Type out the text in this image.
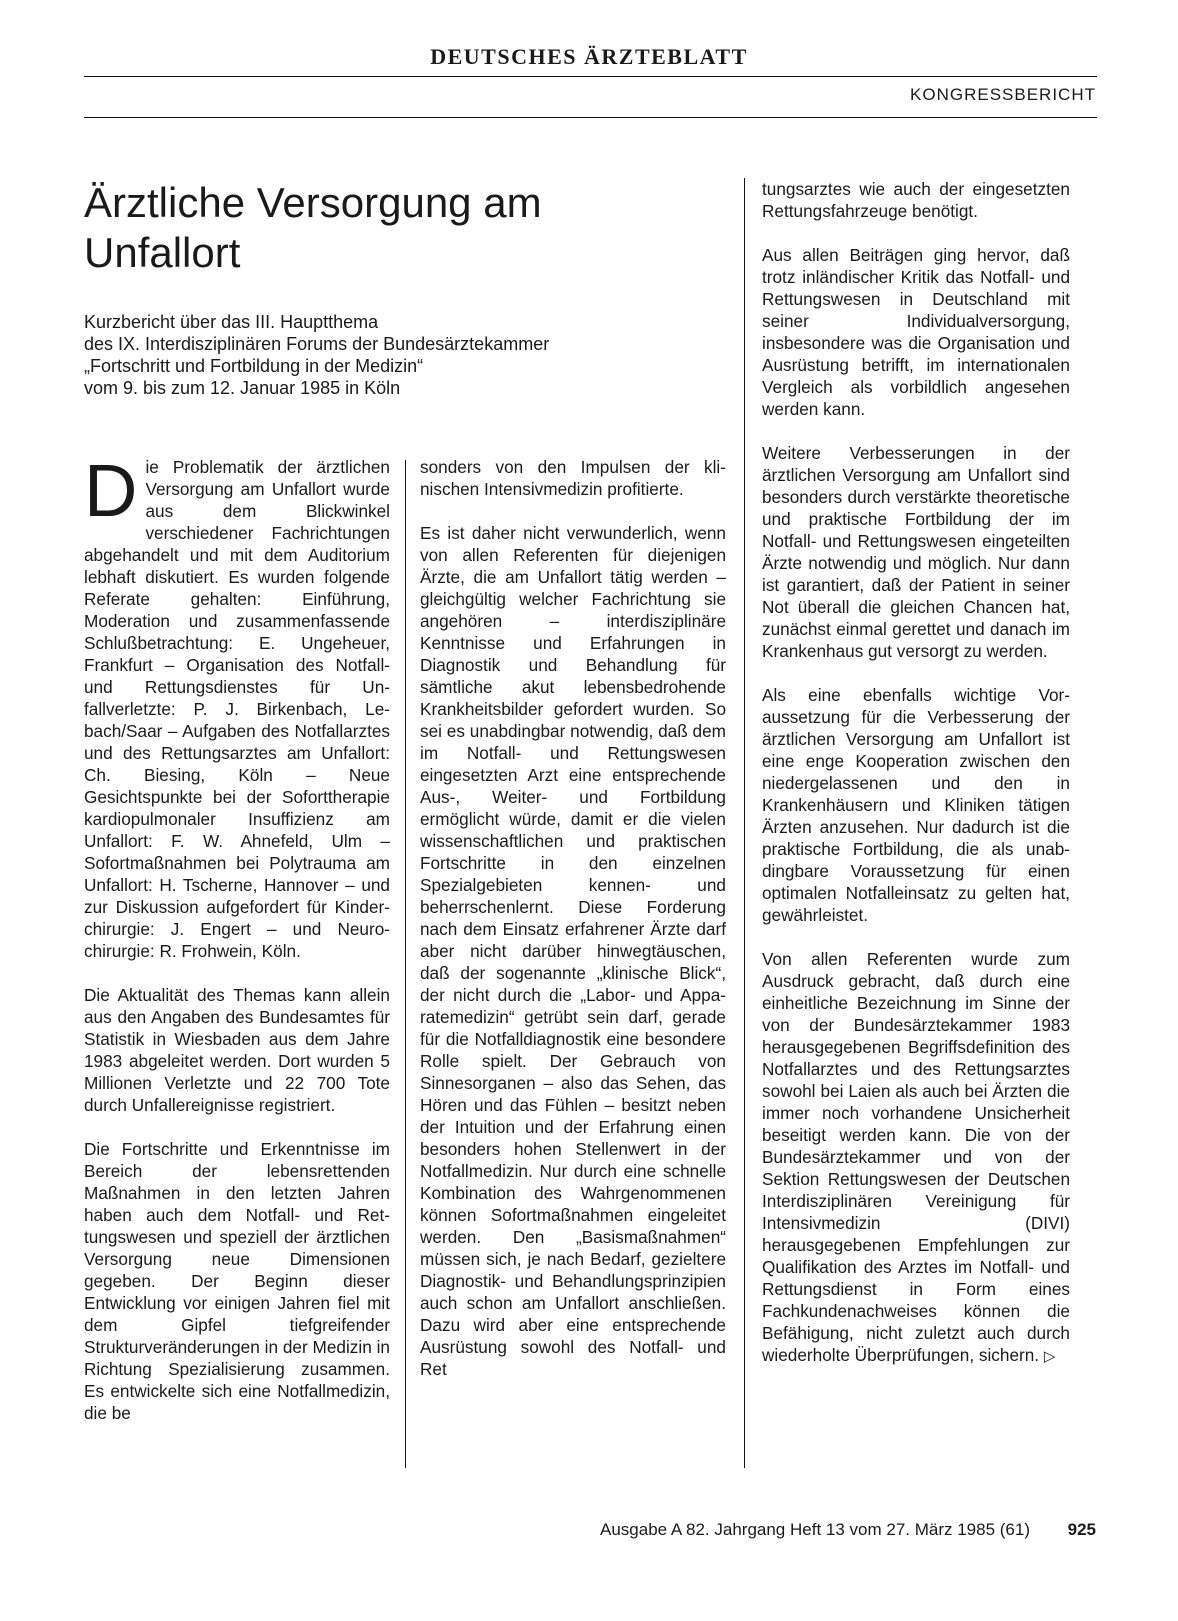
DEUTSCHES ÄRZTEBLATT
KONGRESSBERICHT
Ärztliche Versorgung am Unfallort
Kurzbericht über das III. Hauptthema
des IX. Interdisziplinären Forums der Bundesärztekammer
„Fortschritt und Fortbildung in der Medizin“
vom 9. bis zum 12. Januar 1985 in Köln

Die Problematik der ärztlichen Versorgung am Unfallort wurde aus dem Blickwinkel verschiedener Fachrichtungen abgehandelt und mit dem Auditorium lebhaft diskutiert. Es wurden folgende Referate gehalten: Einführung, Moderation und zusammenfassende Schlußbetrachtung: E. Ungeheuer, Frankfurt – Organisation des Notfall- und Rettungsdienstes für Unfallverletzte: P. J. Birkenbach, Lebach/Saar – Aufgaben des Notfallarztes und des Rettungsarztes am Unfallort: Ch. Biesing, Köln – Neue Gesichtspunkte bei der Soforttherapie kardiopulmonaler Insuffizienz am Unfallort: F. W. Ahnefeld, Ulm – Sofortmaßnahmen bei Polytrauma am Unfallort: H. Tscherne, Hannover – und zur Diskussion aufgefordert für Kinderchirurgie: J. Engert – und Neurochirurgie: R. Frohwein, Köln.

Die Aktualität des Themas kann allein aus den Angaben des Bundesamtes für Statistik in Wiesbaden aus dem Jahre 1983 abgeleitet werden. Dort wurden 5 Millionen Verletzte und 22 700 Tote durch Unfallereignisse registriert.

Die Fortschritte und Erkenntnisse im Bereich der lebensrettenden Maßnahmen in den letzten Jahren haben auch dem Notfall- und Rettungswesen und speziell der ärztlichen Versorgung neue Dimensionen gegeben. Der Beginn dieser Entwicklung vor einigen Jahren fiel mit dem Gipfel tiefgreifender Strukturveränderungen in der Medizin in Richtung Spezialisierung zusammen. Es entwickelte sich eine Notfallmedizin, die be

sonders von den Impulsen der klinischen Intensivmedizin profitierte.

Es ist daher nicht verwunderlich, wenn von allen Referenten für diejenigen Ärzte, die am Unfallort tätig werden – gleichgültig welcher Fachrichtung sie angehören – interdisziplinäre Kenntnisse und Erfahrungen in Diagnostik und Behandlung für sämtliche akut lebensbedrohende Krankheitsbilder gefordert wurden. So sei es unabdingbar notwendig, daß dem im Notfall- und Rettungswesen eingesetzten Arzt eine entsprechende Aus-, Weiter- und Fortbildung ermöglicht würde, damit er die vielen wissenschaftlichen und praktischen Fortschritte in den einzelnen Spezialgebieten kennen- und beherrschenlernt. Diese Forderung nach dem Einsatz erfahrener Ärzte darf aber nicht darüber hinwegtäuschen, daß der sogenannte „klinische Blick“, der nicht durch die „Labor- und Apparatemedizin“ getrübt sein darf, gerade für die Notfalldiagnostik eine besondere Rolle spielt. Der Gebrauch von Sinnesorganen – also das Sehen, das Hören und das Fühlen – besitzt neben der Intuition und der Erfahrung einen besonders hohen Stellenwert in der Notfallmedizin. Nur durch eine schnelle Kombination des Wahrgenommenen können Sofortmaßnahmen eingeleitet werden. Den „Basismaßnahmen“ müssen sich, je nach Bedarf, gezieltere Diagnostik- und Behandlungsprinzipien auch schon am Unfallort anschließen. Dazu wird aber eine entsprechende Ausrüstung sowohl des Notfall- und Ret

tungsarztes wie auch der eingesetzten Rettungsfahrzeuge benötigt.

Aus allen Beiträgen ging hervor, daß trotz inländischer Kritik das Notfall- und Rettungswesen in Deutschland mit seiner Individualversorgung, insbesondere was die Organisation und Ausrüstung betrifft, im internationalen Vergleich als vorbildlich angesehen werden kann.

Weitere Verbesserungen in der ärztlichen Versorgung am Unfallort sind besonders durch verstärkte theoretische und praktische Fortbildung der im Notfall- und Rettungswesen eingeteilten Ärzte notwendig und möglich. Nur dann ist garantiert, daß der Patient in seiner Not überall die gleichen Chancen hat, zunächst einmal gerettet und danach im Krankenhaus gut versorgt zu werden.

Als eine ebenfalls wichtige Voraussetzung für die Verbesserung der ärztlichen Versorgung am Unfallort ist eine enge Kooperation zwischen den niedergelassenen und den in Krankenhäusern und Kliniken tätigen Ärzten anzusehen. Nur dadurch ist die praktische Fortbildung, die als unabdingbare Voraussetzung für einen optimalen Notfalleinsatz zu gelten hat, gewährleistet.

Von allen Referenten wurde zum Ausdruck gebracht, daß durch eine einheitliche Bezeichnung im Sinne der von der Bundesärztekammer 1983 herausgegebenen Begriffsdefinition des Notfallarztes und des Rettungsarztes sowohl bei Laien als auch bei Ärzten die immer noch vorhandene Unsicherheit beseitigt werden kann. Die von der Bundesärztekammer und von der Sektion Rettungswesen der Deutschen Interdisziplinären Vereinigung für Intensivmedizin (DIVI) herausgegebenen Empfehlungen zur Qualifikation des Arztes im Notfall- und Rettungsdienst in Form eines Fachkundenachweises können die Befähigung, nicht zuletzt auch durch wiederholte Überprüfungen, sichern. ▷

Ausgabe A 82. Jahrgang Heft 13 vom 27. März 1985 (61) 925
